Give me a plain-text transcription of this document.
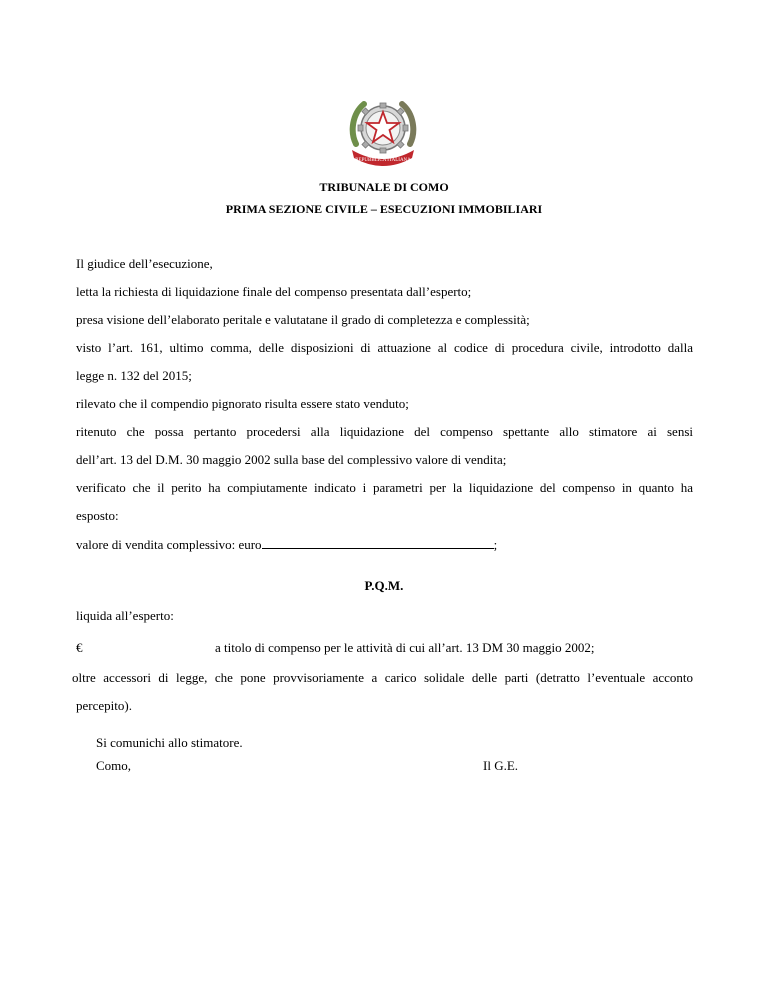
REPUBBLICA ITALIANA
TRIBUNALE DI COMO
PRIMA SEZIONE CIVILE – ESECUZIONI IMMOBILIARI
Il giudice dell’esecuzione,
letta la richiesta di liquidazione finale del compenso presentata dall’esperto;
presa visione dell’elaborato peritale e valutatane il grado di completezza e complessità;
visto l’art. 161, ultimo comma, delle disposizioni di attuazione al codice di procedura civile, introdotto dalla
legge n. 132 del 2015;
rilevato che il compendio pignorato risulta essere stato venduto;
ritenuto che possa pertanto procedersi alla liquidazione del compenso spettante allo stimatore ai sensi
dell’art. 13 del D.M. 30 maggio 2002 sulla base del complessivo valore di vendita;
verificato che il perito ha compiutamente indicato i parametri per la liquidazione del compenso in quanto ha
esposto:
valore di vendita complessivo: euro	;
P.Q.M.
liquida all’esperto:
€	a titolo di compenso per le attività di cui all’art. 13 DM 30 maggio 2002;
oltre accessori di legge, che pone provvisoriamente a carico solidale delle parti (detratto l’eventuale acconto
percepito).
Si comunichi allo stimatore.
Como,	Il G.E.
